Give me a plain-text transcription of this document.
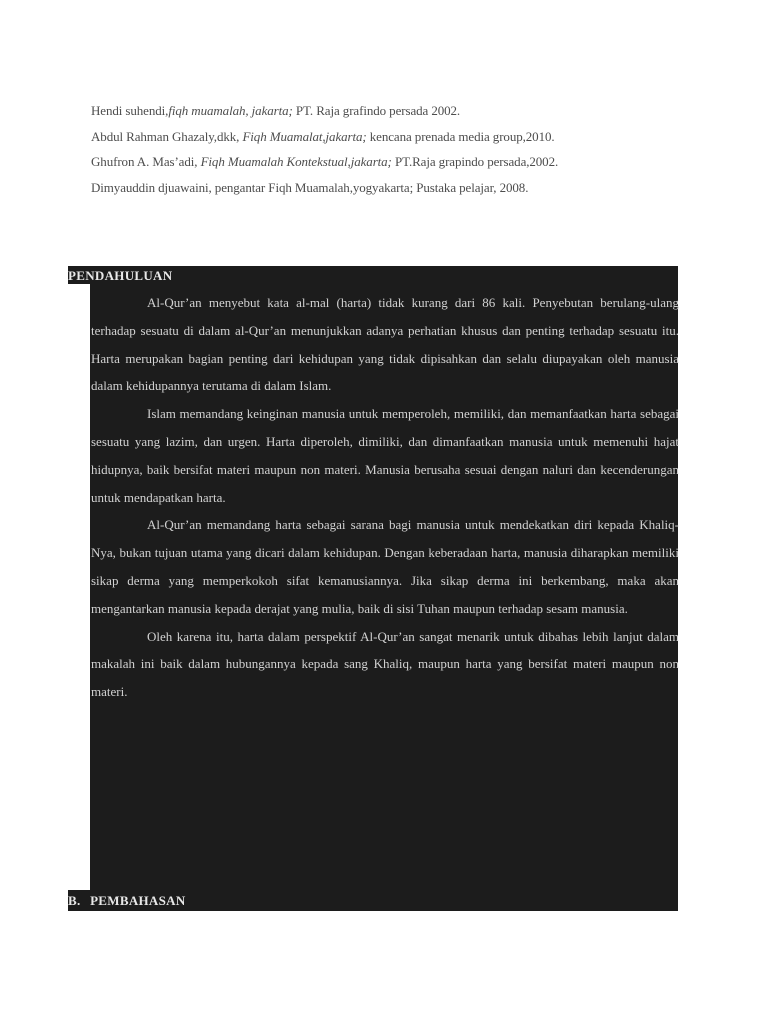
Hendi suhendi,fiqh muamalah, jakarta; PT. Raja grafindo persada 2002.
Abdul Rahman Ghazaly,dkk, Fiqh Muamalat,jakarta; kencana prenada media group,2010.
Ghufron A. Mas’adi, Fiqh Muamalah Kontekstual,jakarta; PT.Raja grapindo persada,2002.
Dimyauddin djuawaini, pengantar Fiqh Muamalah,yogyakarta; Pustaka pelajar, 2008.
PENDAHULUAN

Al-Qur’an menyebut kata al-mal (harta) tidak kurang dari 86 kali. Penyebutan berulang-ulang terhadap sesuatu di dalam al-Qur’an menunjukkan adanya perhatian khusus dan penting terhadap sesuatu itu. Harta merupakan bagian penting dari kehidupan yang tidak dipisahkan dan selalu diupayakan oleh manusia dalam kehidupannya terutama di dalam Islam.

Islam memandang keinginan manusia untuk memperoleh, memiliki, dan memanfaatkan harta sebagai sesuatu yang lazim, dan urgen. Harta diperoleh, dimiliki, dan dimanfaatkan manusia untuk memenuhi hajat hidupnya, baik bersifat materi maupun non materi. Manusia berusaha sesuai dengan naluri dan kecenderungan untuk mendapatkan harta.

Al-Qur’an memandang harta sebagai sarana bagi manusia untuk mendekatkan diri kepada Khaliq-Nya, bukan tujuan utama yang dicari dalam kehidupan. Dengan keberadaan harta, manusia diharapkan memiliki sikap derma yang memperkokoh sifat kemanusiannya. Jika sikap derma ini berkembang, maka akan mengantarkan manusia kepada derajat yang mulia, baik di sisi Tuhan maupun terhadap sesam manusia.

Oleh karena itu, harta dalam perspektif Al-Qur’an sangat menarik untuk dibahas lebih lanjut dalam makalah ini baik dalam hubungannya kepada sang Khaliq, maupun harta yang bersifat materi maupun non materi.

B. PEMBAHASAN
